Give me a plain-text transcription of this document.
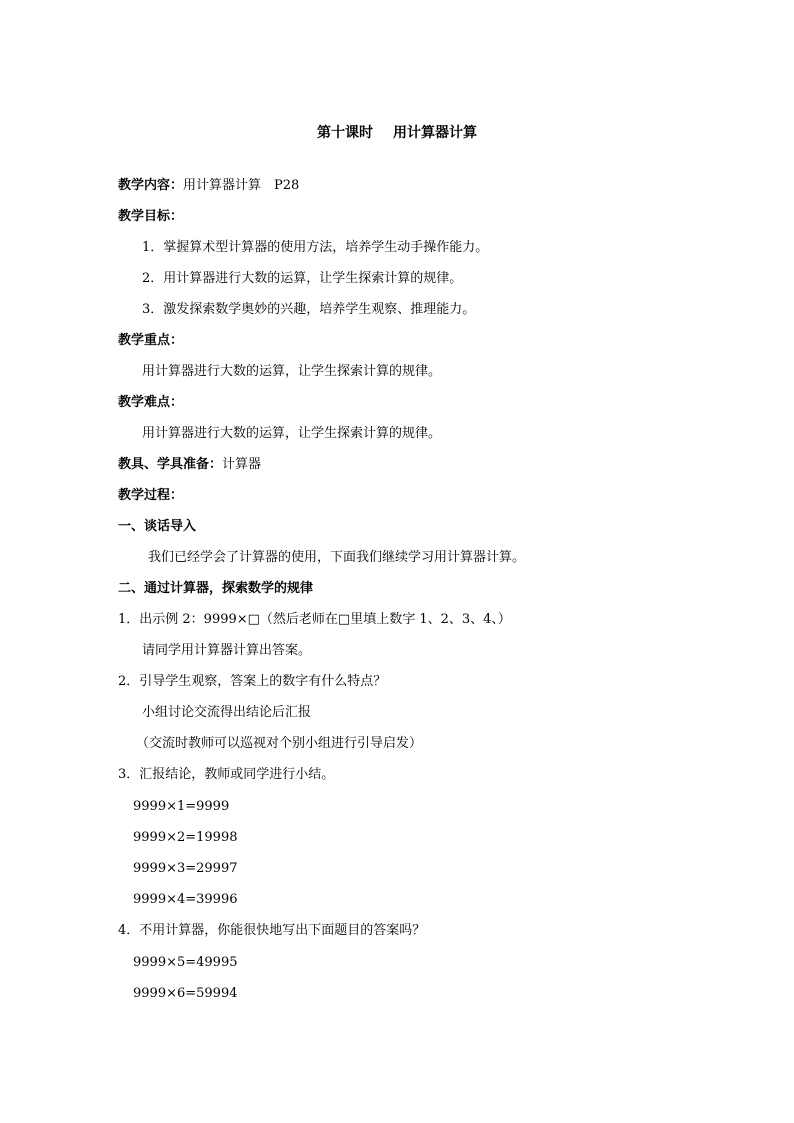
第十课时 用计算器计算
教学内容：用计算器计算　P28
教学目标：
1．掌握算术型计算器的使用方法，培养学生动手操作能力。
2．用计算器进行大数的运算，让学生探索计算的规律。
3．激发探索数学奥妙的兴趣，培养学生观察、推理能力。
教学重点：
用计算器进行大数的运算，让学生探索计算的规律。
教学难点：
用计算器进行大数的运算，让学生探索计算的规律。
教具、学具准备：计算器
教学过程：
一、谈话导入
我们已经学会了计算器的使用，下面我们继续学习用计算器计算。
二、通过计算器，探索数学的规律
1．出示例 2：9999×□（然后老师在□里填上数字 1、2、3、4、）
请同学用计算器计算出答案。
2．引导学生观察，答案上的数字有什么特点？
小组讨论交流得出结论后汇报
（交流时教师可以巡视对个别小组进行引导启发）
3．汇报结论，教师或同学进行小结。
9999×1=9999
9999×2=19998
9999×3=29997
9999×4=39996
4．不用计算器，你能很快地写出下面题目的答案吗？
9999×5=49995
9999×6=59994
